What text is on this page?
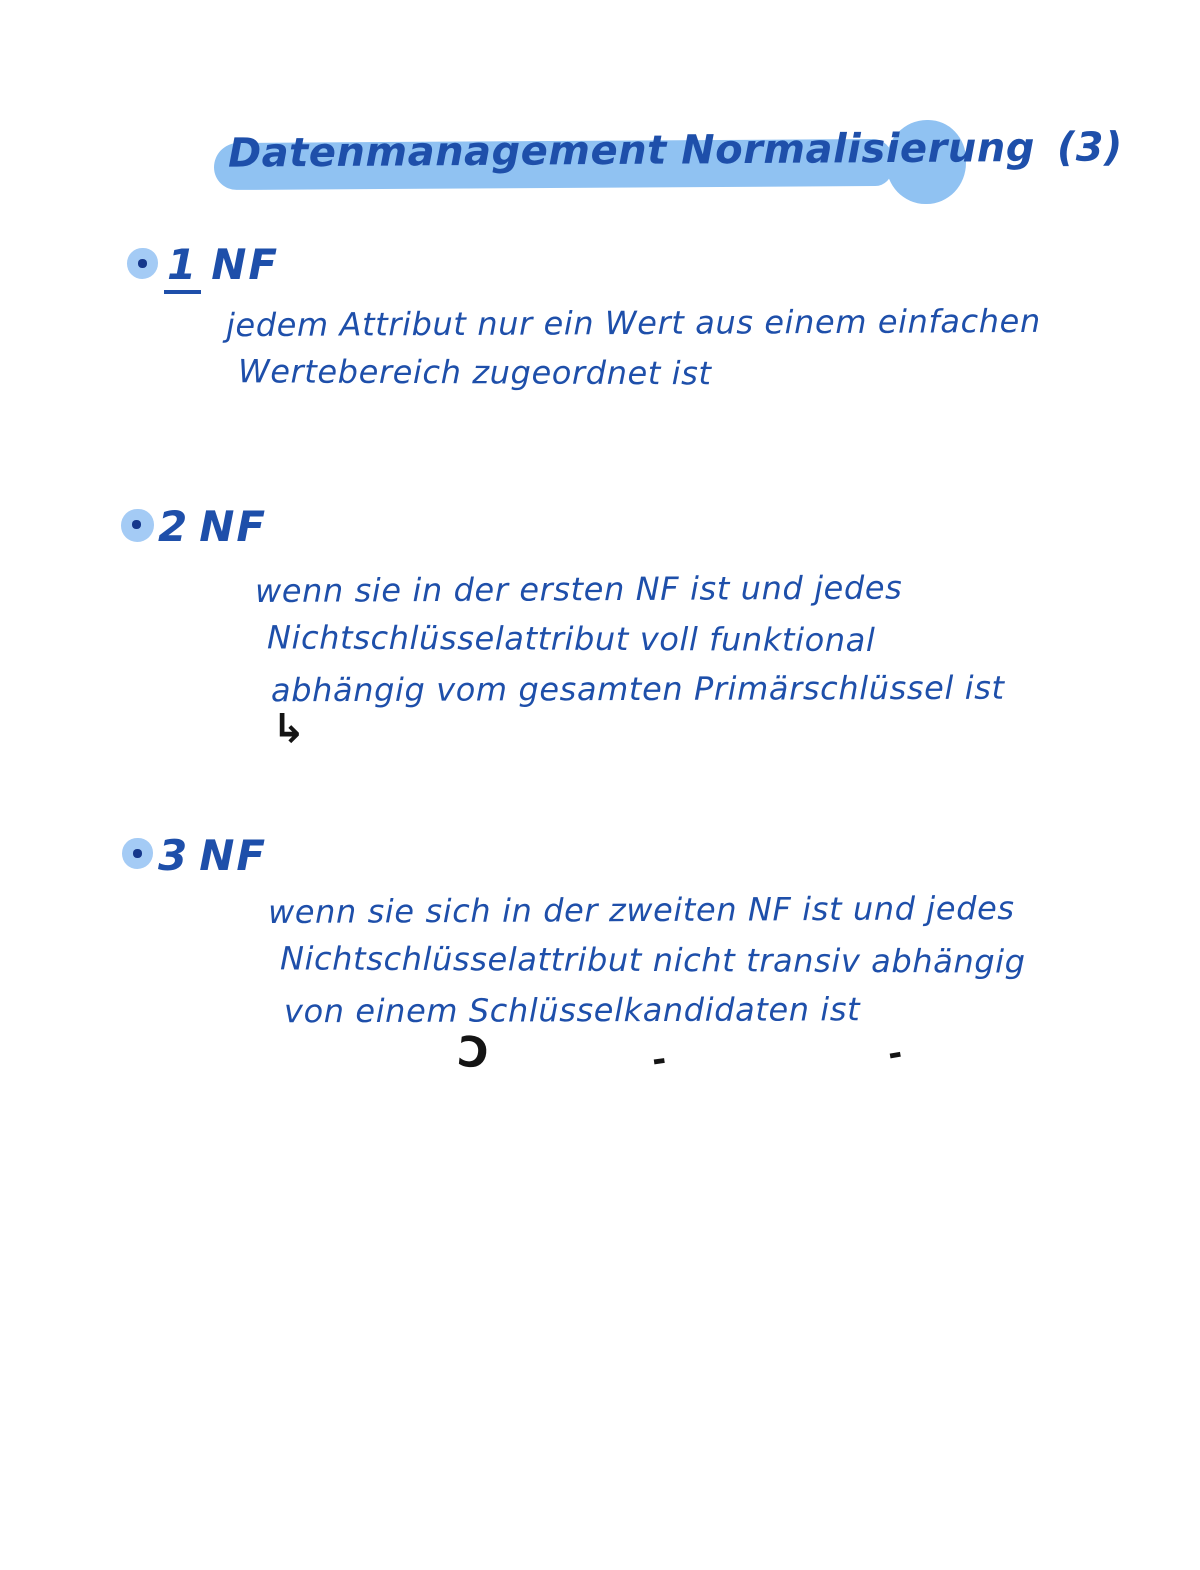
Datenmanagement Normalisierung (3)
1 NF
jedem Attribut nur ein Wert aus einem einfachen
Wertebereich zugeordnet ist
2 NF
wenn sie in der ersten NF ist und jedes
Nichtschlüsselattribut voll funktional
abhängig vom gesamten Primärschlüssel ist
↳
3 NF
wenn sie sich in der zweiten NF ist und jedes
Nichtschlüsselattribut nicht transiv abhängig
von einem Schlüsselkandidaten ist
Ɔ	-	-
